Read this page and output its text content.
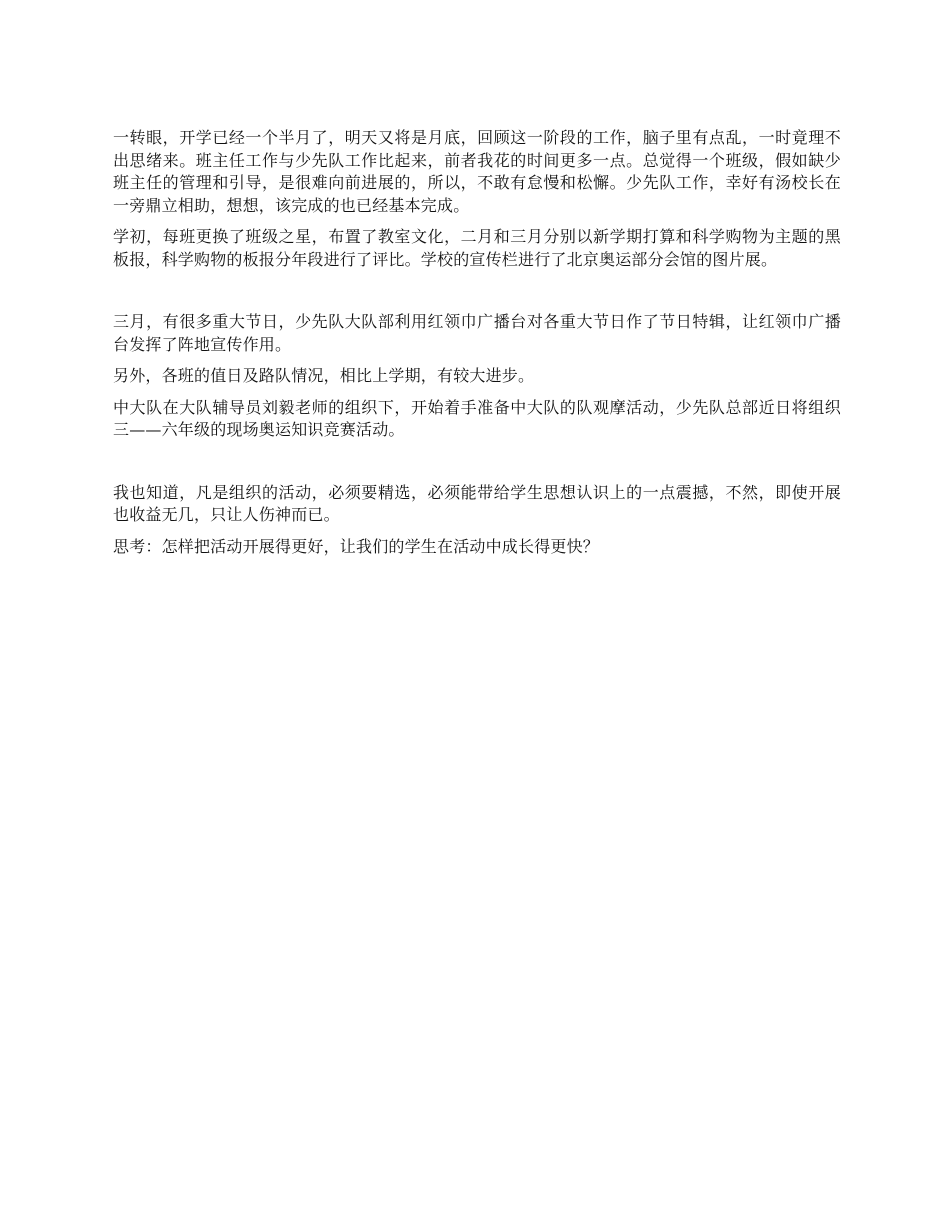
一转眼，开学已经一个半月了，明天又将是月底，回顾这一阶段的工作，脑子里有点乱，一时竟理不出思绪来。班主任工作与少先队工作比起来，前者我花的时间更多一点。总觉得一个班级，假如缺少班主任的管理和引导，是很难向前进展的，所以，不敢有怠慢和松懈。少先队工作，幸好有汤校长在一旁鼎立相助，想想，该完成的也已经基本完成。

学初，每班更换了班级之星，布置了教室文化，二月和三月分别以新学期打算和科学购物为主题的黑板报，科学购物的板报分年段进行了评比。学校的宣传栏进行了北京奥运部分会馆的图片展。

三月，有很多重大节日，少先队大队部利用红领巾广播台对各重大节日作了节日特辑，让红领巾广播台发挥了阵地宣传作用。

另外，各班的值日及路队情况，相比上学期，有较大进步。

中大队在大队辅导员刘毅老师的组织下，开始着手准备中大队的队观摩活动，少先队总部近日将组织三——六年级的现场奥运知识竞赛活动。

我也知道，凡是组织的活动，必须要精选，必须能带给学生思想认识上的一点震撼，不然，即使开展也收益无几，只让人伤神而已。

思考：怎样把活动开展得更好，让我们的学生在活动中成长得更快？
